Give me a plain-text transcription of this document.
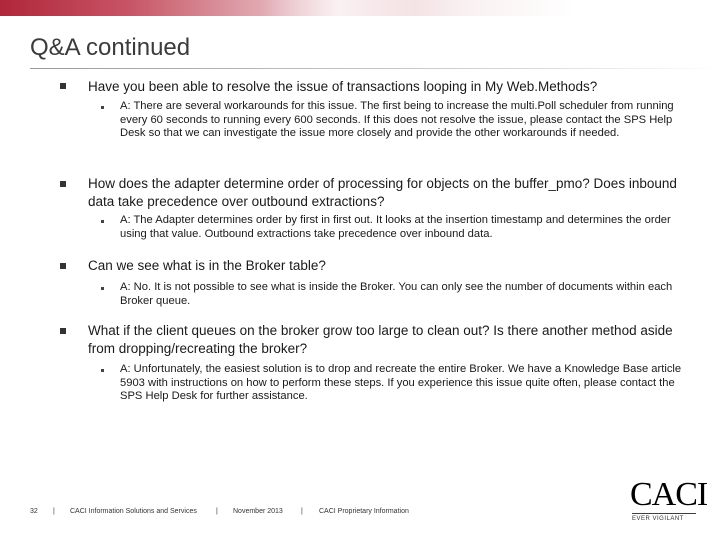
Q&A continued
Have you been able to resolve the issue of transactions looping in My Web.Methods?
A: There are several workarounds for this issue. The first being to increase the multi.Poll scheduler from running every 60 seconds to running every 600 seconds. If this does not resolve the issue, please contact the SPS Help Desk so that we can investigate the issue more closely and provide the other workarounds if needed.
How does the adapter determine order of processing for objects on the buffer_pmo? Does inbound data take precedence over outbound extractions?
A: The Adapter determines order by first in first out. It looks at the insertion timestamp and determines the order using that value. Outbound extractions take precedence over inbound data.
Can we see what is in the Broker table?
A: No. It is not possible to see what is inside the Broker. You can only see the number of documents within each Broker queue.
What if the client queues on the broker grow too large to clean out? Is there another method aside from dropping/recreating the broker?
A: Unfortunately, the easiest solution is to drop and recreate the entire Broker. We have a Knowledge Base article 5903 with instructions on how to perform these steps. If you experience this issue quite often, please contact the SPS Help Desk for further assistance.
32 | CACI Information Solutions and Services	| November 2013	| CACI Proprietary Information	CACI
EVER VIGILANT
